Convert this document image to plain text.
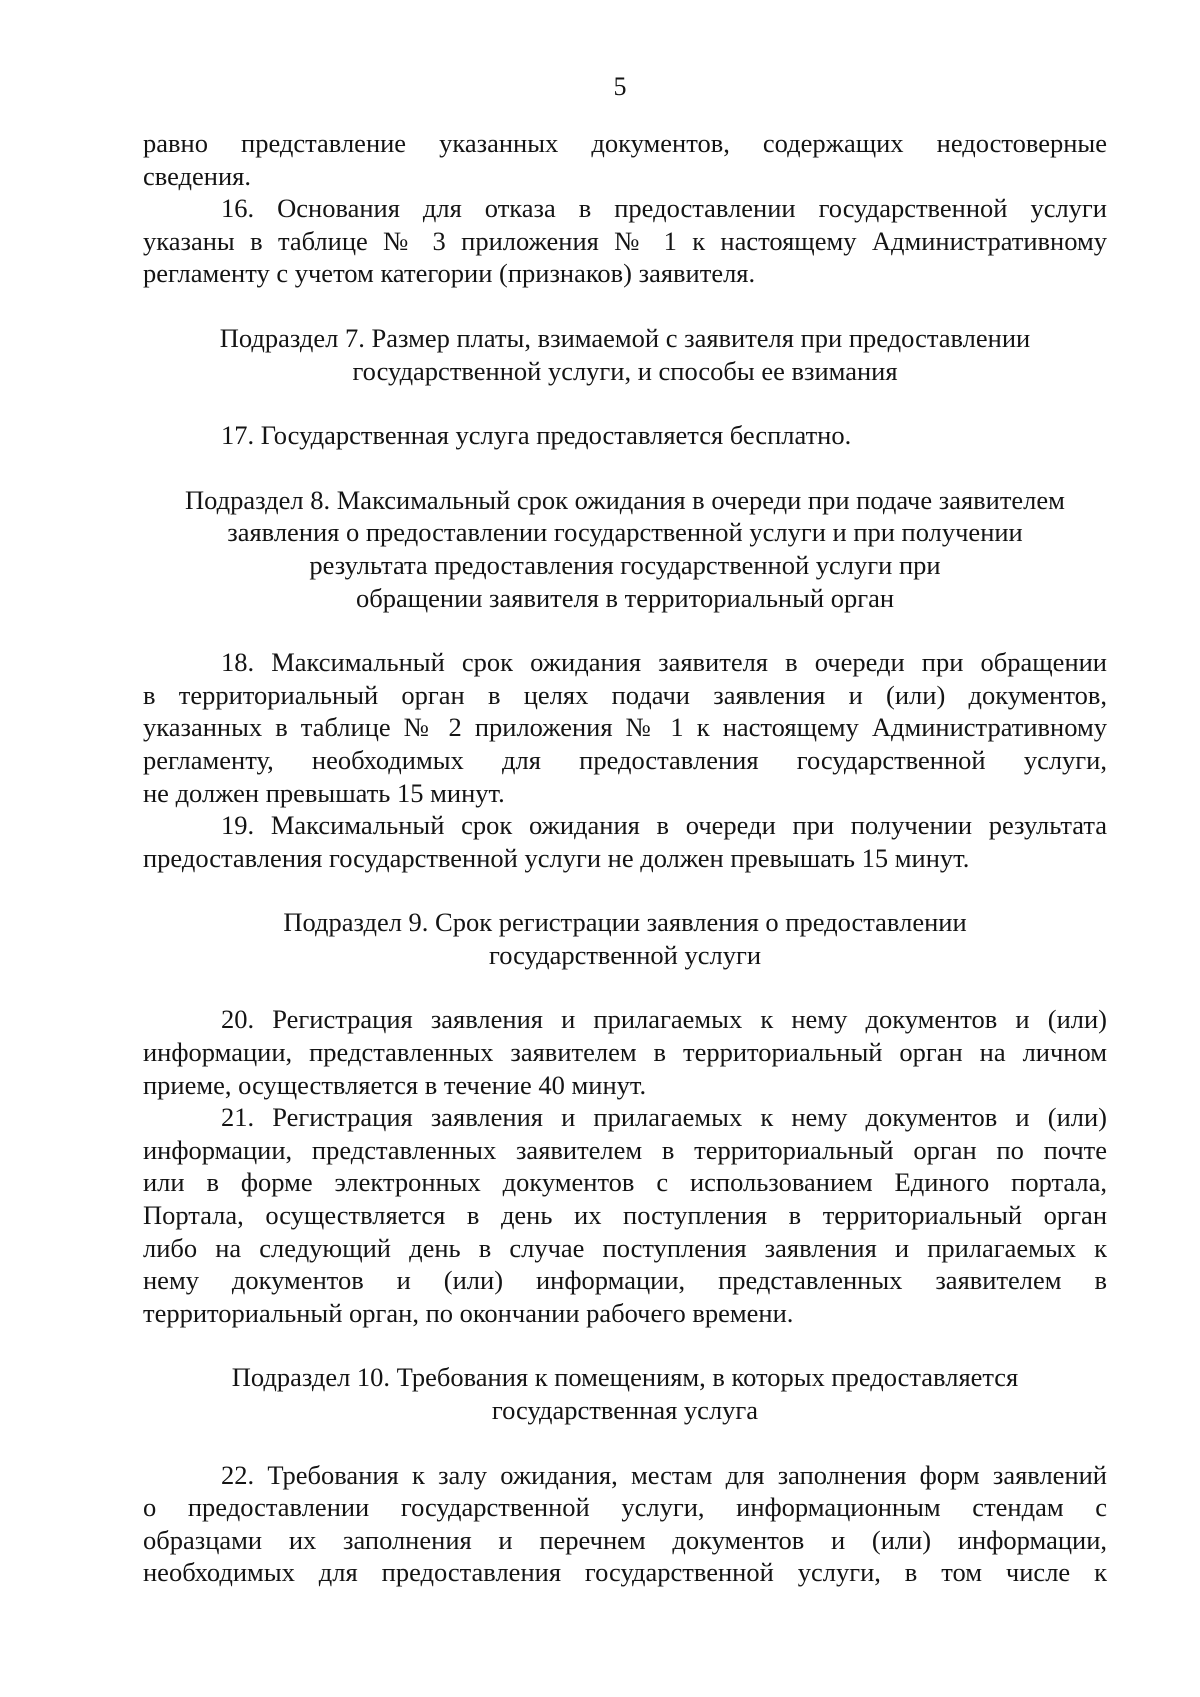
5

равно представление указанных документов, содержащих недостоверные
сведения.

16. Основания для отказа в предоставлении государственной услуги
указаны в таблице № 3 приложения № 1 к настоящему Административному
регламенту с учетом категории (признаков) заявителя.

Подраздел 7. Размер платы, взимаемой с заявителя при предоставлении
государственной услуги, и способы ее взимания

17. Государственная услуга предоставляется бесплатно.

Подраздел 8. Максимальный срок ожидания в очереди при подаче заявителем
заявления о предоставлении государственной услуги и при получении
результата предоставления государственной услуги при
обращении заявителя в территориальный орган

18. Максимальный срок ожидания заявителя в очереди при обращении
в территориальный орган в целях подачи заявления и (или) документов,
указанных в таблице № 2 приложения № 1 к настоящему Административному
регламенту, необходимых для предоставления государственной услуги,
не должен превышать 15 минут.

19. Максимальный срок ожидания в очереди при получении результата
предоставления государственной услуги не должен превышать 15 минут.

Подраздел 9. Срок регистрации заявления о предоставлении
государственной услуги

20. Регистрация заявления и прилагаемых к нему документов и (или)
информации, представленных заявителем в территориальный орган на личном
приеме, осуществляется в течение 40 минут.

21. Регистрация заявления и прилагаемых к нему документов и (или)
информации, представленных заявителем в территориальный орган по почте
или в форме электронных документов с использованием Единого портала,
Портала, осуществляется в день их поступления в территориальный орган
либо на следующий день в случае поступления заявления и прилагаемых к
нему документов и (или) информации, представленных заявителем в
территориальный орган, по окончании рабочего времени.

Подраздел 10. Требования к помещениям, в которых предоставляется
государственная услуга

22. Требования к залу ожидания, местам для заполнения форм заявлений
о предоставлении государственной услуги, информационным стендам с
образцами их заполнения и перечнем документов и (или) информации,
необходимых для предоставления государственной услуги, в том числе к
